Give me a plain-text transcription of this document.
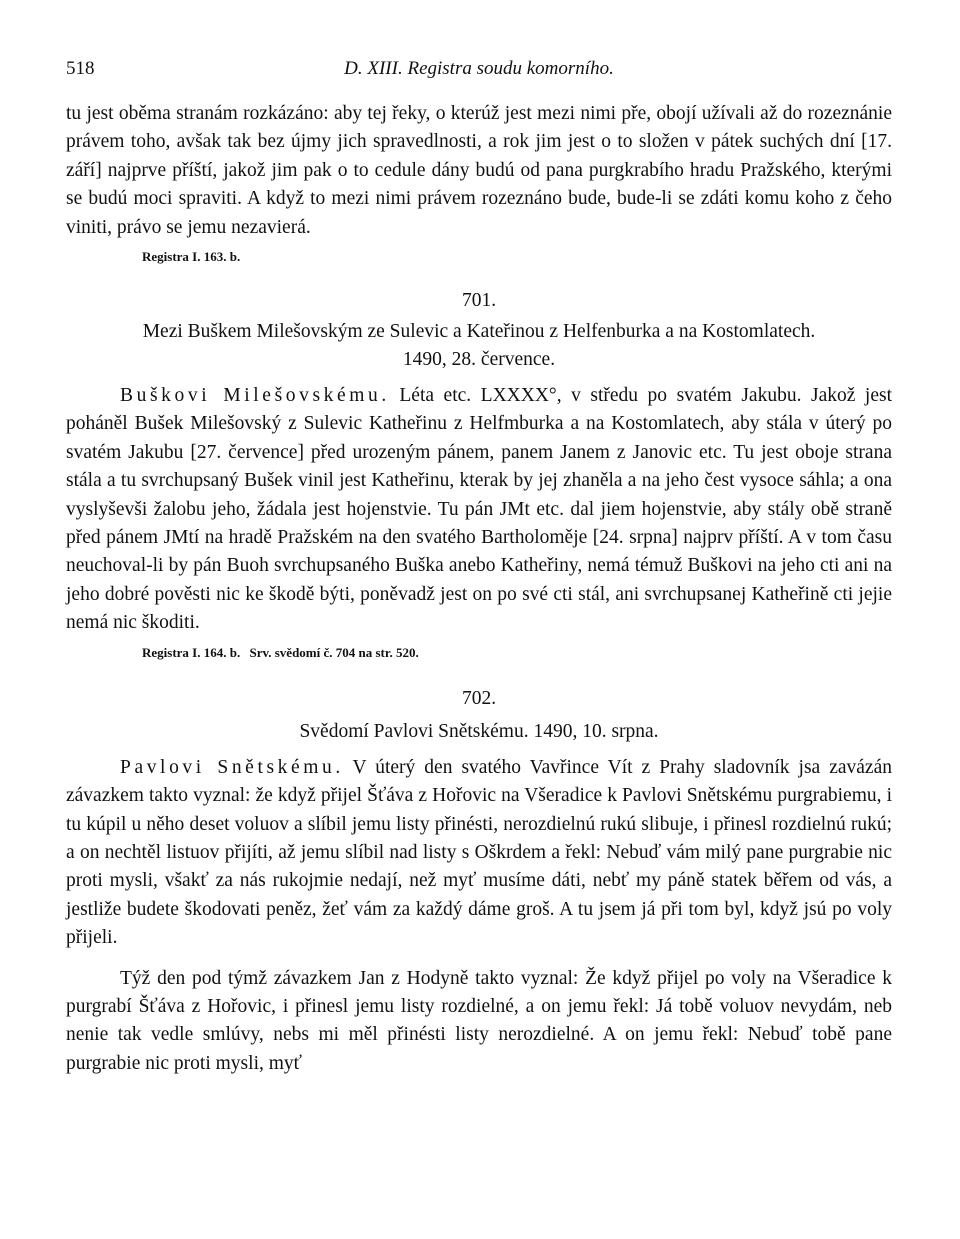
518	D. XIII. Registra soudu komorního.

tu jest oběma stranám rozkázáno: aby tej řeky, o kterúž jest mezi nimi pře, obojí užívali až do rozeznánie právem toho, avšak tak bez újmy jich spravedlnosti, a rok jim jest o to složen v pátek suchých dní [17. září] najprve příští, jakož jim pak o to cedule dány budú od pana purgkrabího hradu Pražského, kterými se budú moci spraviti. A když to mezi nimi právem rozeznáno bude, bude-li se zdáti komu koho z čeho viniti, právo se jemu nezavierá.

Registra I. 163. b.
701.
Mezi Buškem Milešovským ze Sulevic a Kateřinou z Helfenburka a na Kostomlatech.
1490, 28. července.

Buškovi Milešovskému. Léta etc. LXXXX°, v středu po svatém Jakubu. Jakož jest poháněl Bušek Milešovský z Sulevic Katheřinu z Helfmburka a na Kostomlatech, aby stála v úterý po svatém Jakubu [27. července] před urozeným pánem, panem Janem z Janovic etc. Tu jest oboje strana stála a tu svrchupsaný Bušek vinil jest Katheřinu, kterak by jej zhaněla a na jeho čest vysoce sáhla; a ona vyslyševši žalobu jeho, žádala jest hojenstvie. Tu pán JMt etc. dal jiem hojenstvie, aby stály obě straně před pánem JMtí na hradě Pražském na den svatého Bartholoměje [24. srpna] najprv příští. A v tom času neuchoval-li by pán Buoh svrchupsaného Buška anebo Katheřiny, nemá témuž Buškovi na jeho cti ani na jeho dobré pověsti nic ke škodě býti, poněvadž jest on po své cti stál, ani svrchupsanej Katheřině cti jejie nemá nic škoditi.

Registra I. 164. b. Srv. svědomí č. 704 na str. 520.
702.
Svědomí Pavlovi Snětskému. 1490, 10. srpna.

Pavlovi Snětskému. V úterý den svatého Vavřince Vít z Prahy sladovník jsa zavázán závazkem takto vyznal: že když přijel Šťáva z Hořovic na Všeradice k Pavlovi Snětskému purgrabiemu, i tu kúpil u něho deset voluov a slíbil jemu listy přinésti, nerozdielnú rukú slibuje, i přinesl rozdielnú rukú; a on nechtěl listuov přijíti, až jemu slíbil nad listy s Oškrdem a řekl: Nebuď vám milý pane purgrabie nic proti mysli, všakť za nás rukojmie nedají, než myť musíme dáti, nebť my páně statek běřem od vás, a jestliže budete škodovati peněz, žeť vám za každý dáme groš. A tu jsem já při tom byl, když jsú po voly přijeli.

Týž den pod týmž závazkem Jan z Hodyně takto vyznal: Že když přijel po voly na Všeradice k purgrabí Šťáva z Hořovic, i přinesl jemu listy rozdielné, a on jemu řekl: Já tobě voluov nevydám, neb nenie tak vedle smlúvy, nebs mi měl přinésti listy nerozdielné. A on jemu řekl: Nebuď tobě pane purgrabie nic proti mysli, myť
